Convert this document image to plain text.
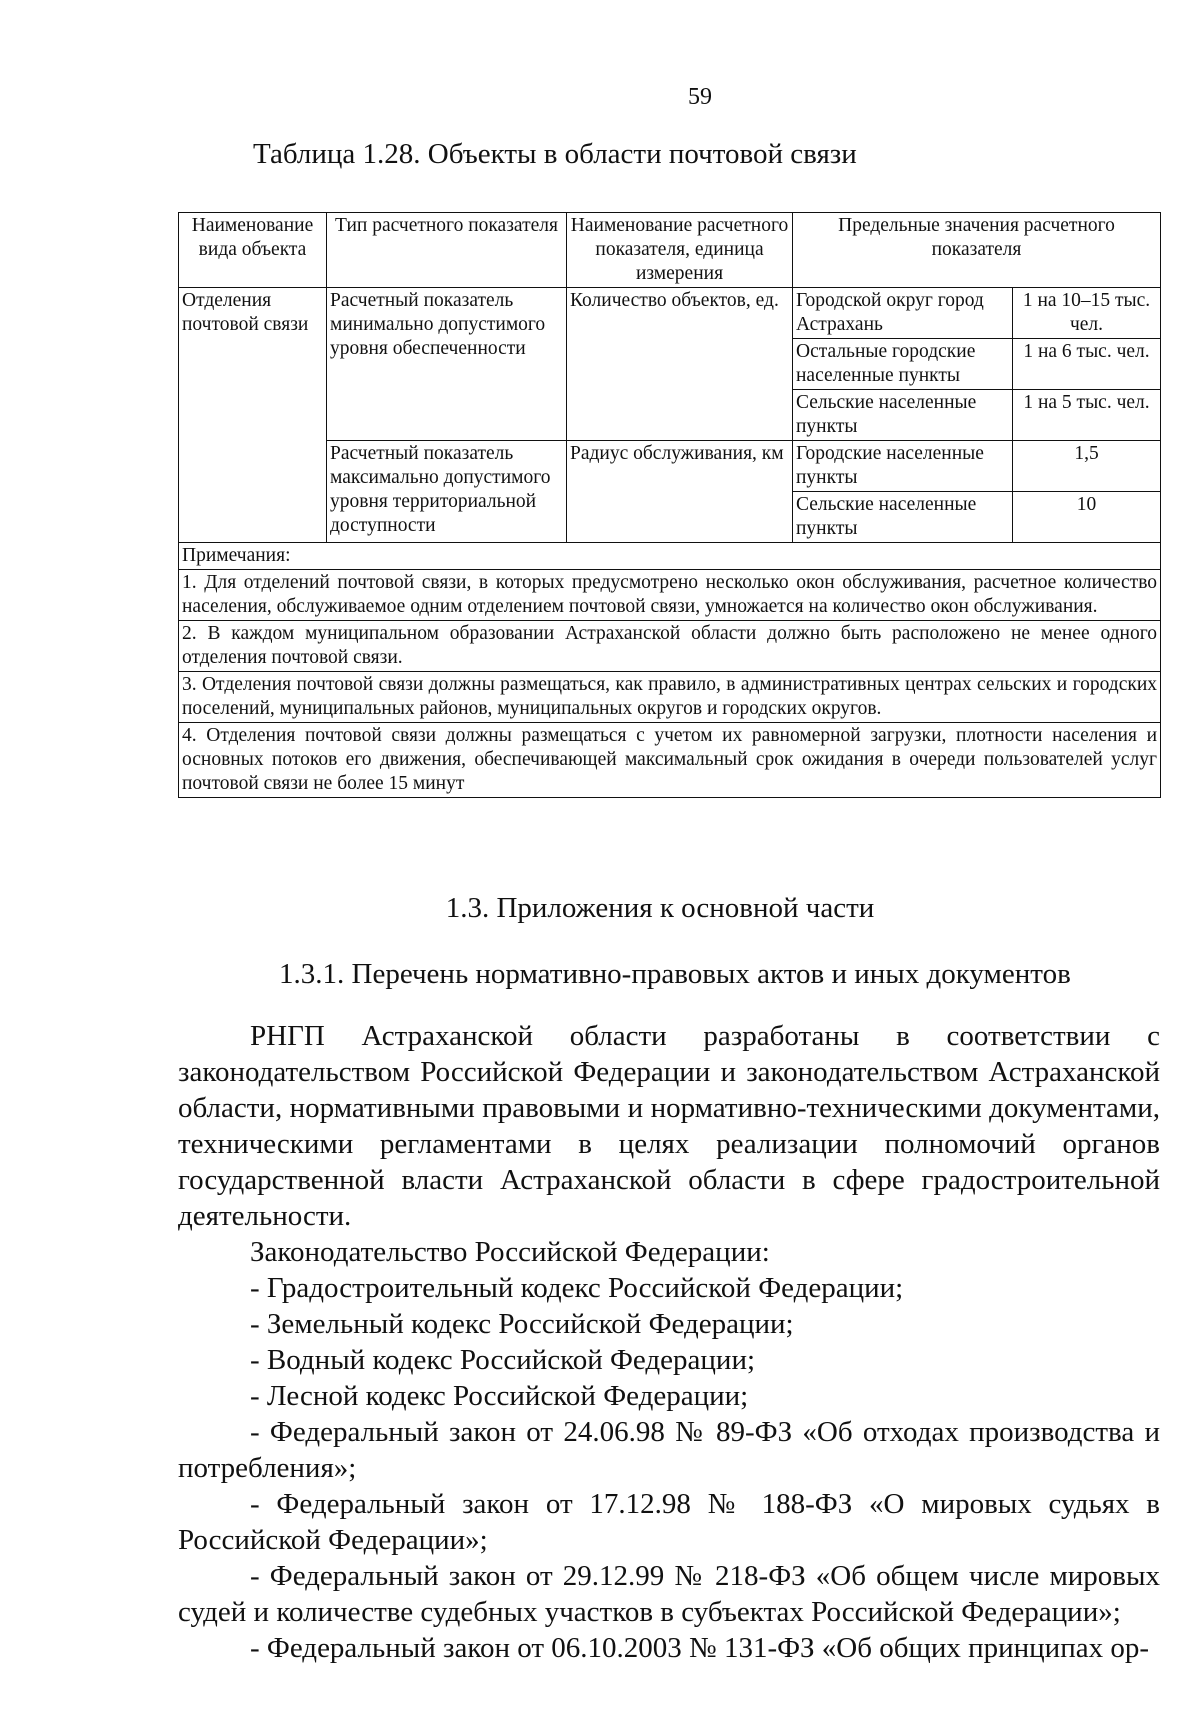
59
Таблица 1.28. Объекты в области почтовой связи
Наименование вида объекта	Тип расчетного показателя	Наименование расчетного показателя, единица измерения	Предельные значения расчетного показателя	
Отделения почтовой связи	Расчетный показатель минимально допустимого уровня обеспеченности	Количество объектов, ед.	Городской округ город Астрахань	1 на 10–15 тыс. чел.
			Остальные городские населенные пункты	1 на 6 тыс. чел.
			Сельские населенные пункты	1 на 5 тыс. чел.
	Расчетный показатель максимально допустимого уровня территориальной доступности	Радиус обслуживания, км	Городские населенные пункты	1,5
			Сельские населенные пункты	10

Примечания:
1. Для отделений почтовой связи, в которых предусмотрено несколько окон обслуживания, расчетное количество населения, обслуживаемое одним отделением почтовой связи, умножается на количество окон обслуживания.
2. В каждом муниципальном образовании Астраханской области должно быть расположено не менее одного отделения почтовой связи.
3. Отделения почтовой связи должны размещаться, как правило, в административных центрах сельских и городских поселений, муниципальных районов, муниципальных округов и городских округов.
4. Отделения почтовой связи должны размещаться с учетом их равномерной загрузки, плотности населения и основных потоков его движения, обеспечивающей максимальный срок ожидания в очереди пользователей услуг почтовой связи не более 15 минут				
1.3. Приложения к основной части
1.3.1. Перечень нормативно-правовых актов и иных документов

РНГП Астраханской области разработаны в соответствии с законодательством Российской Федерации и законодательством Астраханской области, нормативными правовыми и нормативно-техническими документами, техническими регламентами в целях реализации полномочий органов государственной власти Астраханской области в сфере градостроительной деятельности.

Законодательство Российской Федерации:

- Градостроительный кодекс Российской Федерации;

- Земельный кодекс Российской Федерации;

- Водный кодекс Российской Федерации;

- Лесной кодекс Российской Федерации;

- Федеральный закон от 24.06.98 № 89-ФЗ «Об отходах производства и потребления»;

- Федеральный закон от 17.12.98 № 188-ФЗ «О мировых судьях в Российской Федерации»;

- Федеральный закон от 29.12.99 № 218-ФЗ «Об общем числе мировых судей и количестве судебных участков в субъектах Российской Федерации»;

- Федеральный закон от 06.10.2003 № 131-ФЗ «Об общих принципах ор-
